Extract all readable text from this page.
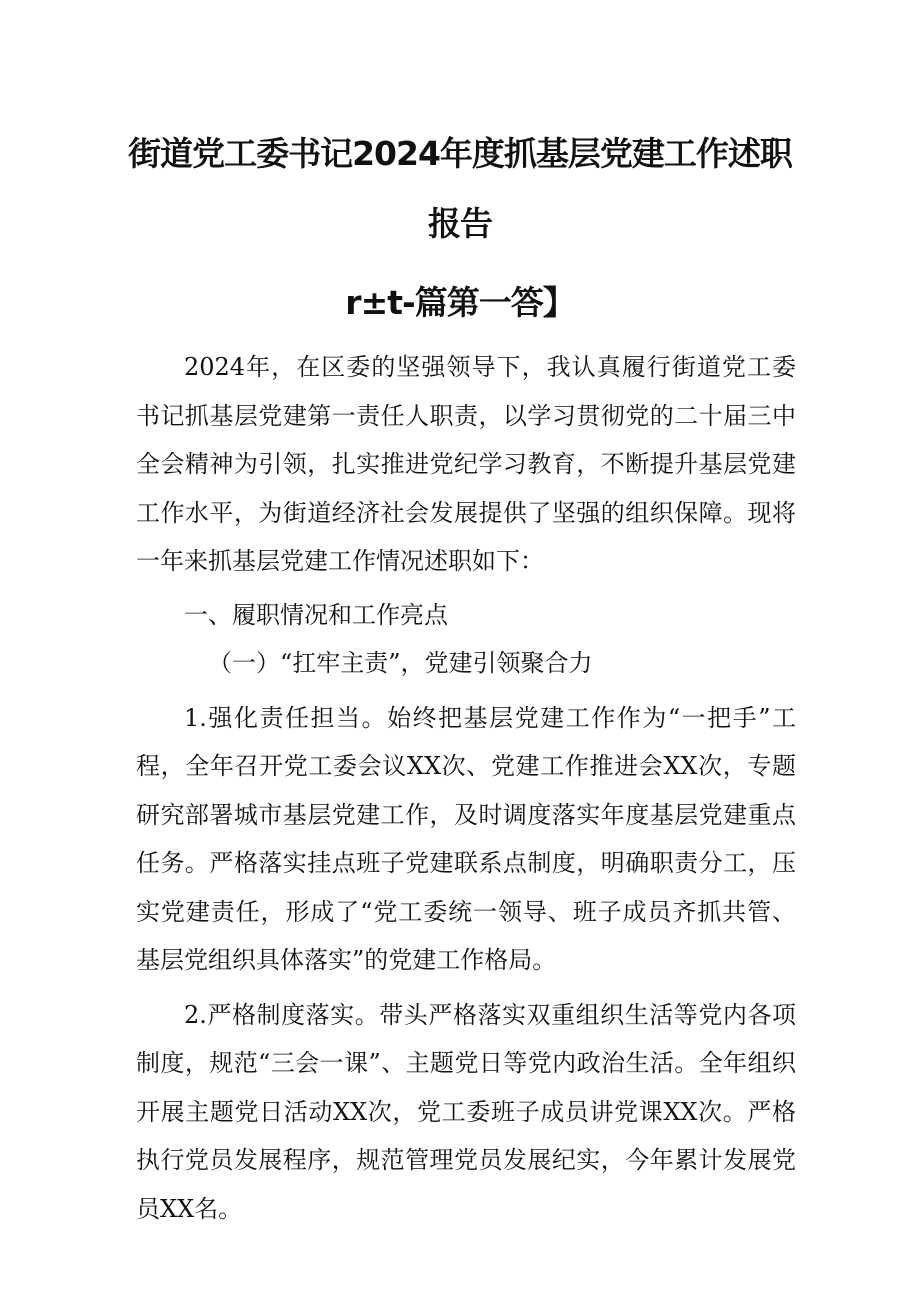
街道党工委书记2024年度抓基层党建工作述职
报告
r±t-篇第一答】

2024年，在区委的坚强领导下，我认真履行街道党工委书记抓基层党建第一责任人职责，以学习贯彻党的二十届三中全会精神为引领，扎实推进党纪学习教育，不断提升基层党建工作水平，为街道经济社会发展提供了坚强的组织保障。现将一年来抓基层党建工作情况述职如下：

一、履职情况和工作亮点

（一）“扛牢主责”，党建引领聚合力

1.强化责任担当。始终把基层党建工作作为“一把手”工程，全年召开党工委会议XX次、党建工作推进会XX次，专题研究部署城市基层党建工作，及时调度落实年度基层党建重点任务。严格落实挂点班子党建联系点制度，明确职责分工，压实党建责任，形成了“党工委统一领导、班子成员齐抓共管、基层党组织具体落实”的党建工作格局。

2.严格制度落实。带头严格落实双重组织生活等党内各项制度，规范“三会一课”、主题党日等党内政治生活。全年组织开展主题党日活动XX次，党工委班子成员讲党课XX次。严格执行党员发展程序，规范管理党员发展纪实，今年累计发展党员XX名。
